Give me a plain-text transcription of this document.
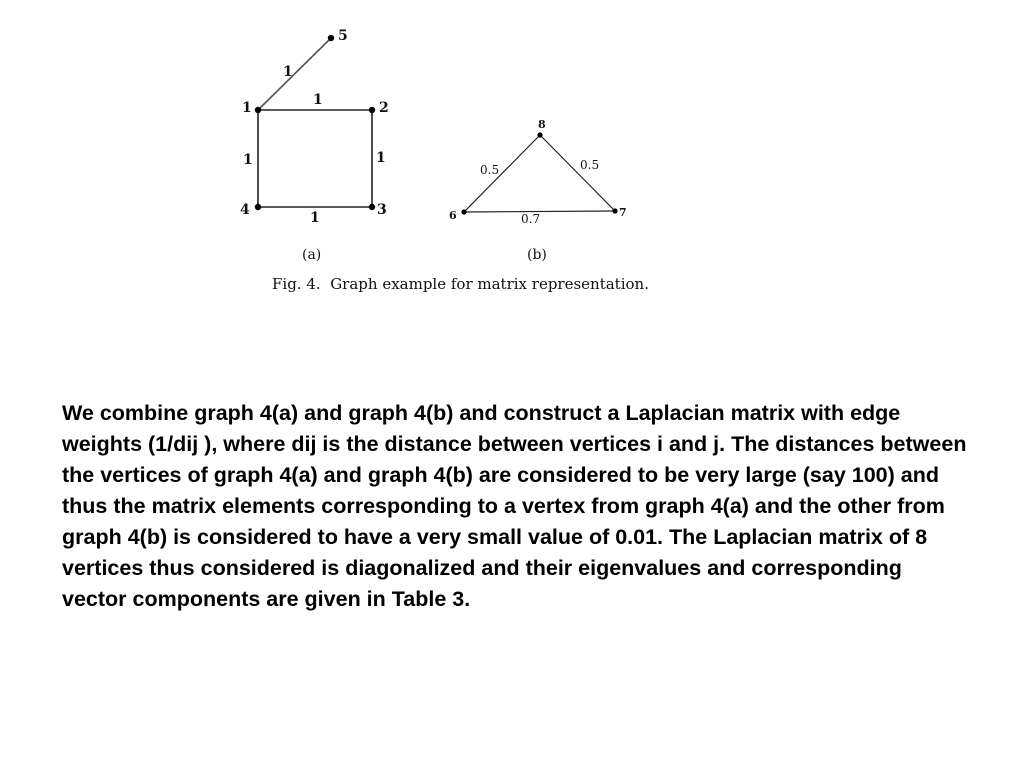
1	2
3
4
5
1
1
1	1
1
(a)
6	7
8
0.5	0.5
0.7
(b)
Fig. 4.  Graph example for matrix representation.

We combine graph 4(a) and graph 4(b) and construct a Laplacian matrix with edge weights (1/dij ), where dij is the distance between vertices i and j. The distances between the vertices of graph 4(a) and graph 4(b) are considered to be very large (say 100) and thus the matrix elements corresponding to a vertex from graph 4(a) and the other from graph 4(b) is considered to have a very small value of 0.01. The Laplacian matrix of 8 vertices thus considered is diagonalized and their eigenvalues and corresponding vector components are given in Table 3.
